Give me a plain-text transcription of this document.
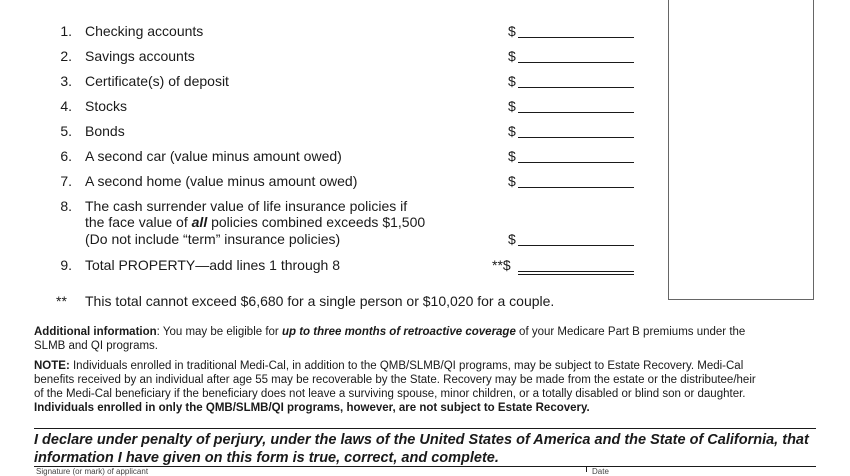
1. Checking accounts	$
2. Savings accounts	$
3. Certificate(s) of deposit	$
4. Stocks	$
5. Bonds	$
6. A second car (value minus amount owed)	$
7. A second home (value minus amount owed)	$
8. The cash surrender value of life insurance policies if
the face value of all policies combined exceeds $1,500
(Do not include “term” insurance policies)	$
9. Total PROPERTY—add lines 1 through 8	**$
** This total cannot exceed $6,680 for a single person or $10,020 for a couple.
Additional information: You may be eligible for up to three months of retroactive coverage of your Medicare Part B premiums under the
SLMB and QI programs.
NOTE: Individuals enrolled in traditional Medi-Cal, in addition to the QMB/SLMB/QI programs, may be subject to Estate Recovery. Medi-Cal
benefits received by an individual after age 55 may be recoverable by the State. Recovery may be made from the estate or the distributee/heir
of the Medi-Cal beneficiary if the beneficiary does not leave a surviving spouse, minor children, or a totally disabled or blind son or daughter.
Individuals enrolled in only the QMB/SLMB/QI programs, however, are not subject to Estate Recovery.
I declare under penalty of perjury, under the laws of the United States of America and the State of California, that
information I have given on this form is true, correct, and complete.
Signature (or mark) of applicant	Date
